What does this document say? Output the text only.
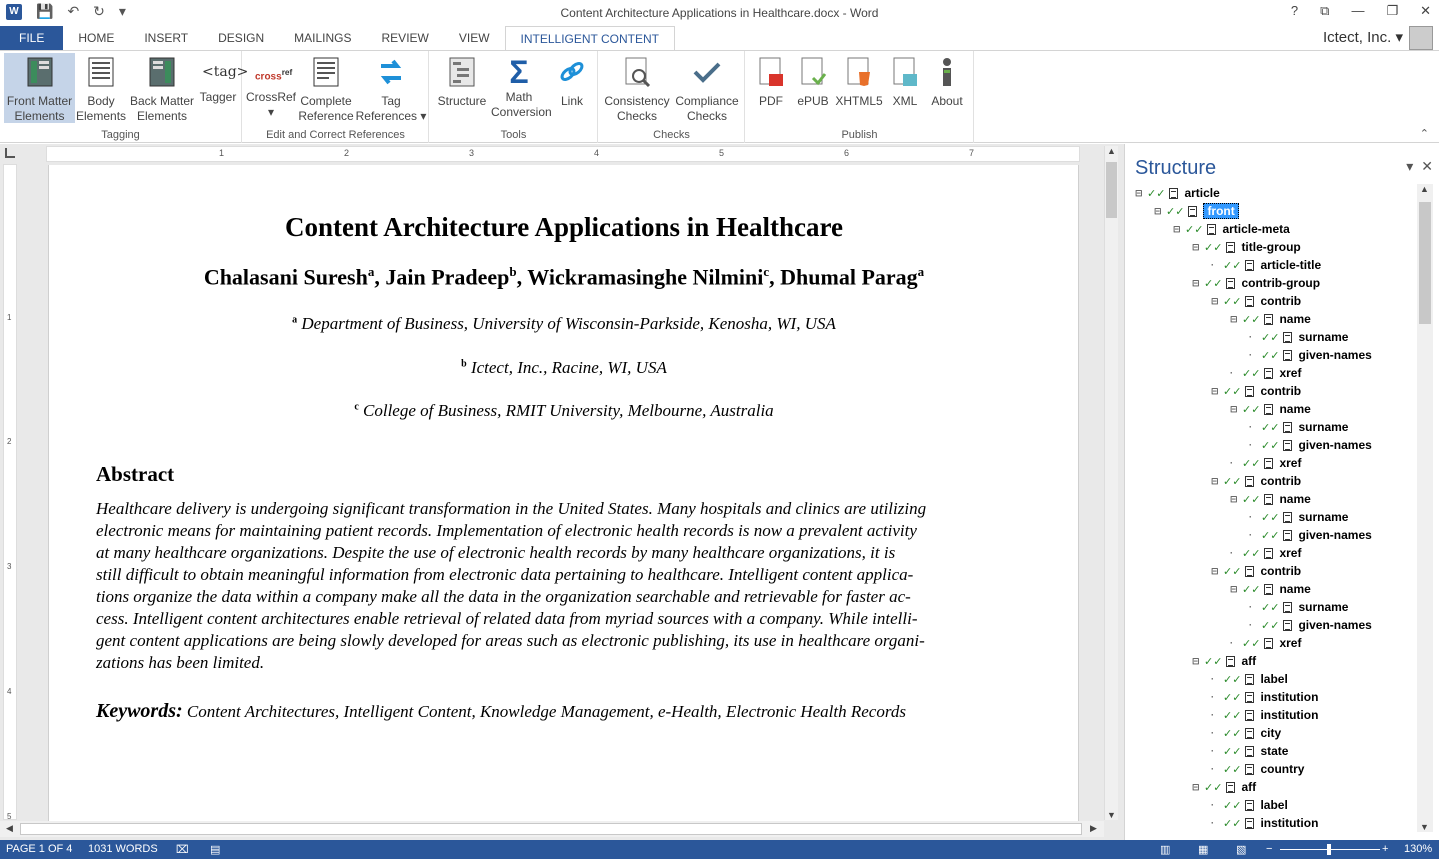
W 💾 ↶ ↻ ▾	Content Architecture Applications in Healthcare.docx - Word	? ⧉ — ❐ ✕
FILE	HOME	INSERT	DESIGN	MAILINGS	REVIEW	VIEW	INTELLIGENT CONTENT	Ictect, Inc. ▾
Front Matter
Elements
Body
Elements
Back Matter
Elements
<tag>
Tagger
Tagging
cross$^{ref}$
CrossRef
▾
Complete
Reference
Tag
References ▾
Edit and Correct References
Structure
Σ
Math
Conversion
Link
Tools
Consistency
Checks
Compliance
Checks
Checks
PDF	ePUB XHTML5 XML	About
Publish	⌃
1	2	3	4	5	6	7
1
2
3
4
5
Content Architecture Applications in Healthcare
Chalasani Suresh$^a$, Jain Pradeep$^b$, Wickramasinghe Nilmini$^c$, Dhumal Parag$^a$
$^a$ Department of Business, University of Wisconsin-Parkside, Kenosha, WI, USA
$^b$ Ictect, Inc., Racine, WI, USA
$^c$ College of Business, RMIT University, Melbourne, Australia
Abstract
Healthcare delivery is undergoing significant transformation in the United States. Many hospitals and clinics are utilizing
electronic means for maintaining patient records. Implementation of electronic health records is now a prevalent activity
at many healthcare organizations. Despite the use of electronic health records by many healthcare organizations, it is
still difficult to obtain meaningful information from electronic data pertaining to healthcare. Intelligent content applica-
tions organize the data within a company make all the data in the organization searchable and retrievable for faster ac-
cess. Intelligent content architectures enable retrieval of related data from myriad sources with a company. While intelli-
gent content applications are being slowly developed for areas such as electronic publishing, its use in healthcare organi-
zations has been limited.
Keywords: Content Architectures, Intelligent Content, Knowledge Management, e-Health, Electronic Health Records
▲
▼
◀	▶
Structure	▾ ✕
⊟ ✓✓ article
⊟ ✓✓	front
⊟ ✓✓ article-meta
⊟ ✓✓ title-group
· ✓✓ article-title
⊟ ✓✓ contrib-group
⊟ ✓✓ contrib
⊟ ✓✓ name
· ✓✓ surname
· ✓✓ given-names
· ✓✓ xref
⊟ ✓✓ contrib
⊟ ✓✓ name
· ✓✓ surname
· ✓✓ given-names
· ✓✓ xref
⊟ ✓✓ contrib
⊟ ✓✓ name
· ✓✓ surname
· ✓✓ given-names
· ✓✓ xref
⊟ ✓✓ contrib
⊟ ✓✓ name
· ✓✓ surname
· ✓✓ given-names
· ✓✓ xref
⊟ ✓✓ aff
· ✓✓ label
· ✓✓ institution
· ✓✓ institution
· ✓✓ city
· ✓✓ state
· ✓✓ country
⊟ ✓✓ aff
· ✓✓ label
· ✓✓ institution
▲
▼
PAGE 1 OF 4 1031 WORDS ⌧ ▤	▥	▦	▧ −	+ 130%
